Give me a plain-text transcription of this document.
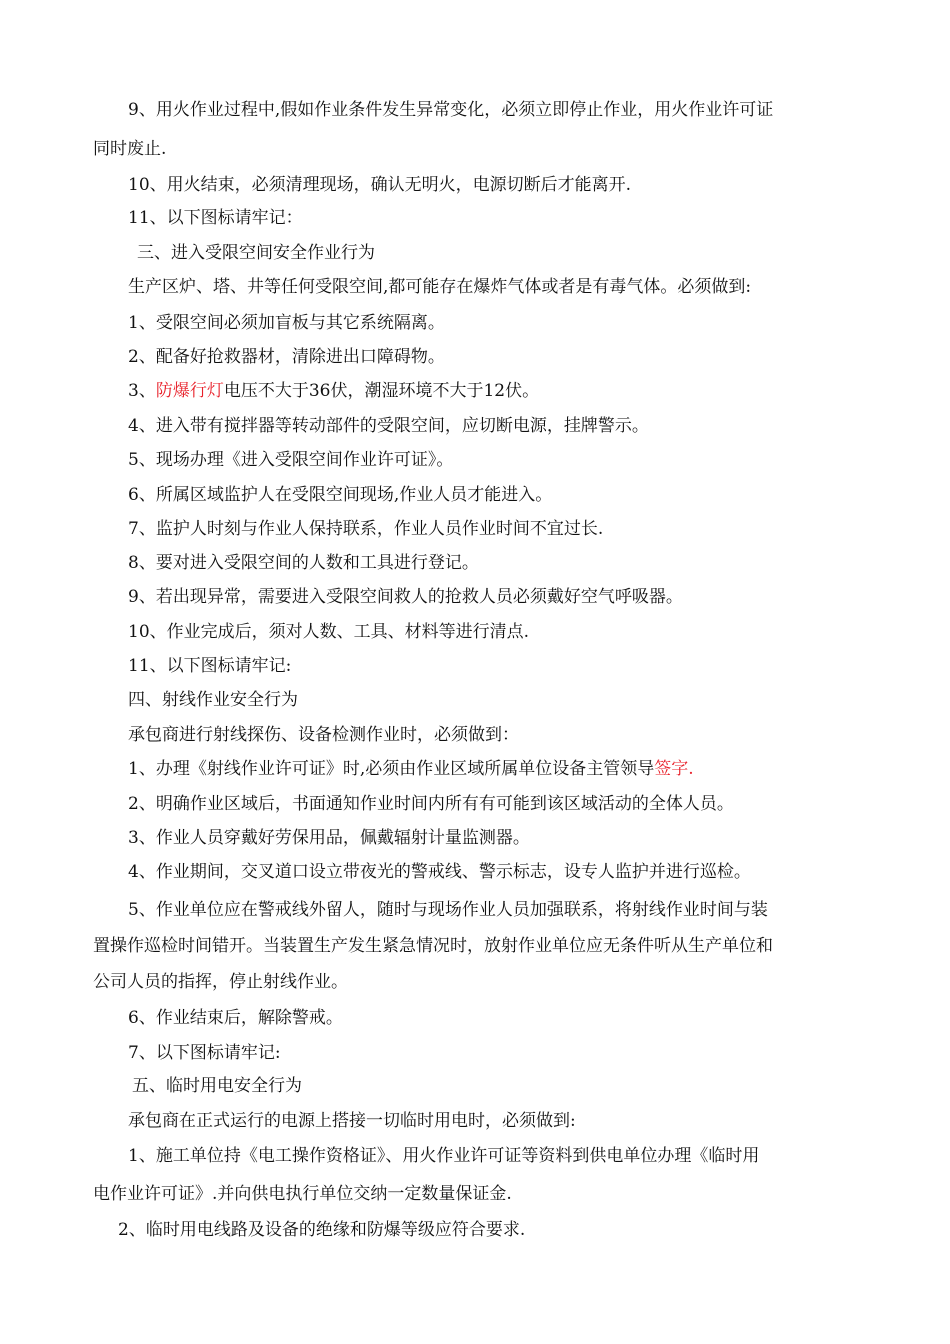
9、用火作业过程中,假如作业条件发生异常变化，必须立即停止作业，用火作业许可证
同时废止.
10、用火结束，必须清理现场，确认无明火，电源切断后才能离开.
11、以下图标请牢记：
三、进入受限空间安全作业行为
生产区炉、塔、井等任何受限空间,都可能存在爆炸气体或者是有毒气体。必须做到:
1、受限空间必须加盲板与其它系统隔离。
2、配备好抢救器材，清除进出口障碍物。
3、防爆行灯电压不大于36伏，潮湿环境不大于12伏。
4、进入带有搅拌器等转动部件的受限空间，应切断电源，挂牌警示。
5、现场办理《进入受限空间作业许可证》。
6、所属区域监护人在受限空间现场,作业人员才能进入。
7、监护人时刻与作业人保持联系，作业人员作业时间不宜过长.
8、要对进入受限空间的人数和工具进行登记。
9、若出现异常，需要进入受限空间救人的抢救人员必须戴好空气呼吸器。
10、作业完成后，须对人数、工具、材料等进行清点.
11、以下图标请牢记:
四、射线作业安全行为
承包商进行射线探伤、设备检测作业时，必须做到：
1、办理《射线作业许可证》时,必须由作业区域所属单位设备主管领导签字.
2、明确作业区域后，书面通知作业时间内所有有可能到该区域活动的全体人员。
3、作业人员穿戴好劳保用品，佩戴辐射计量监测器。
4、作业期间，交叉道口设立带夜光的警戒线、警示标志，设专人监护并进行巡检。
5、作业单位应在警戒线外留人，随时与现场作业人员加强联系，将射线作业时间与装
置操作巡检时间错开。当装置生产发生紧急情况时，放射作业单位应无条件听从生产单位和
公司人员的指挥，停止射线作业。
6、作业结束后，解除警戒。
7、以下图标请牢记:
五、临时用电安全行为
承包商在正式运行的电源上搭接一切临时用电时，必须做到:
1、施工单位持《电工操作资格证》、用火作业许可证等资料到供电单位办理《临时用
电作业许可证》.并向供电执行单位交纳一定数量保证金.
2、临时用电线路及设备的绝缘和防爆等级应符合要求.
